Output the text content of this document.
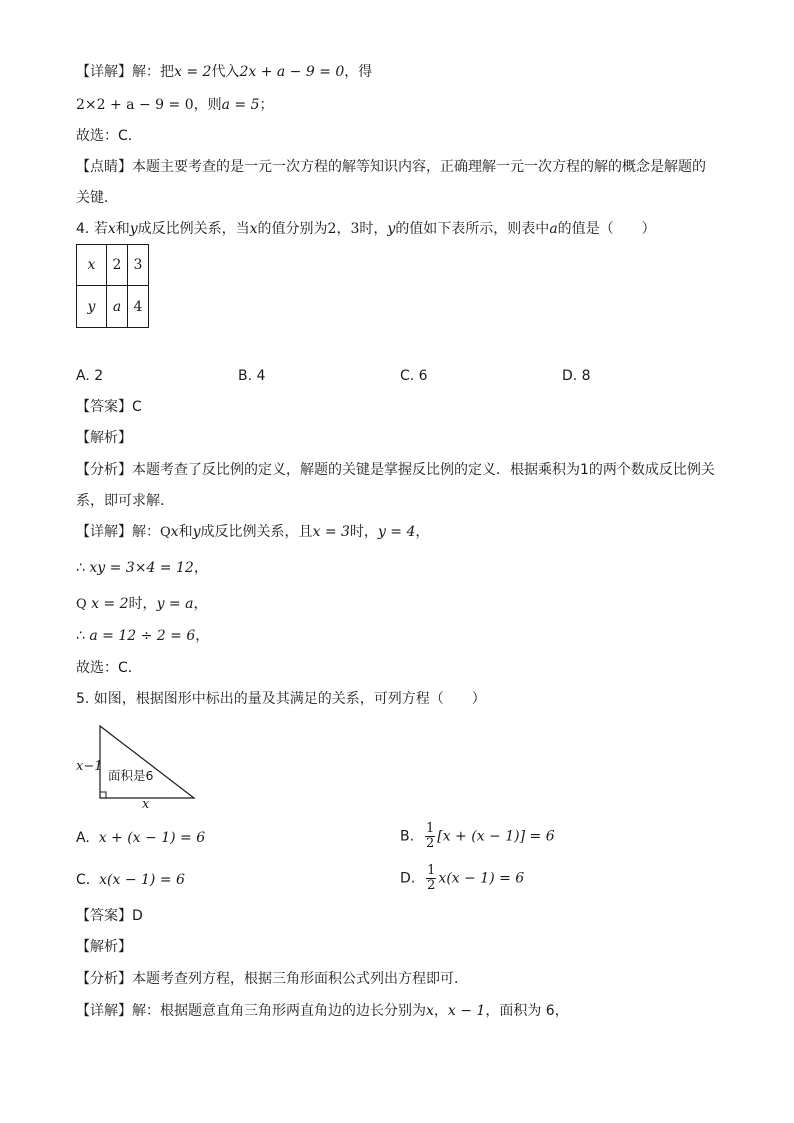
【详解】解：把x = 2代入2x + a − 9 = 0，得
2×2 + a − 9 = 0，则a = 5；
故选：C．
【点睛】本题主要考查的是一元一次方程的解等知识内容，正确理解一元一次方程的解的概念是解题的
关键．
4. 若x和y成反比例关系，当x的值分别为2，3时，y的值如下表所示，则表中a的值是（　　）
x	2	3
y	a	4
A. 2	B. 4	C. 6	D. 8
【答案】C
【解析】
【分析】本题考查了反比例的定义，解题的关键是掌握反比例的定义．根据乘积为1的两个数成反比例关
系，即可求解．
【详解】解：Qx和y成反比例关系，且x = 3时，y = 4，
∴ xy = 3×4 = 12，
Q x = 2时，y = a，
∴ a = 12 ÷ 2 = 6，
故选：C．
5. 如图，根据图形中标出的量及其满足的关系，可列方程（　　）
x−1
面积是6
x
A. x + (x − 1) = 6	B. $\frac{1}{2} [x + (x - 1)] = 6$
C. x(x − 1) = 6	D. $\frac{1}{2} x(x - 1) = 6$
【答案】D
【解析】
【分析】本题考查列方程，根据三角形面积公式列出方程即可．
【详解】解：根据题意直角三角形两直角边的边长分别为x，x − 1，面积为 6，
